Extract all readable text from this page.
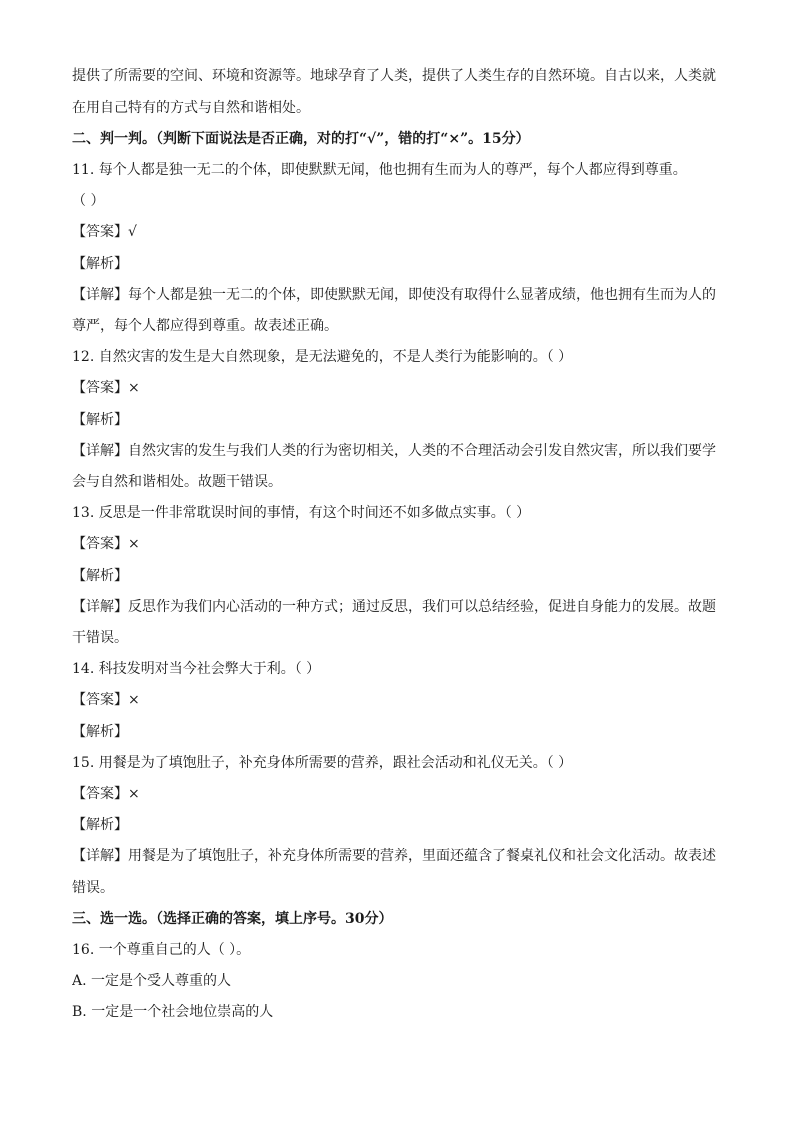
提供了所需要的空间、环境和资源等。地球孕育了人类，提供了人类生存的自然环境。自古以来，人类就
在用自己特有的方式与自然和谐相处。
二、判一判。（判断下面说法是否正确，对的打“√”，错的打“×”。15分）
11. 每个人都是独一无二的个体，即使默默无闻，他也拥有生而为人的尊严，每个人都应得到尊重。
（ ）
【答案】√
【解析】
【详解】每个人都是独一无二的个体，即使默默无闻，即使没有取得什么显著成绩，他也拥有生而为人的
尊严，每个人都应得到尊重。故表述正确。
12. 自然灾害的发生是大自然现象，是无法避免的，不是人类行为能影响的。（ ）
【答案】×
【解析】
【详解】自然灾害的发生与我们人类的行为密切相关，人类的不合理活动会引发自然灾害，所以我们要学
会与自然和谐相处。故题干错误。
13. 反思是一件非常耽误时间的事情，有这个时间还不如多做点实事。（ ）
【答案】×
【解析】
【详解】反思作为我们内心活动的一种方式；通过反思，我们可以总结经验，促进自身能力的发展。故题
干错误。
14. 科技发明对当今社会弊大于利。（ ）
【答案】×
【解析】
15. 用餐是为了填饱肚子，补充身体所需要的营养，跟社会活动和礼仪无关。（ ）
【答案】×
【解析】
【详解】用餐是为了填饱肚子，补充身体所需要的营养，里面还蕴含了餐桌礼仪和社会文化活动。故表述
错误。
三、选一选。（选择正确的答案，填上序号。30分）
16. 一个尊重自己的人（ ）。
A. 一定是个受人尊重的人
B. 一定是一个社会地位崇高的人
